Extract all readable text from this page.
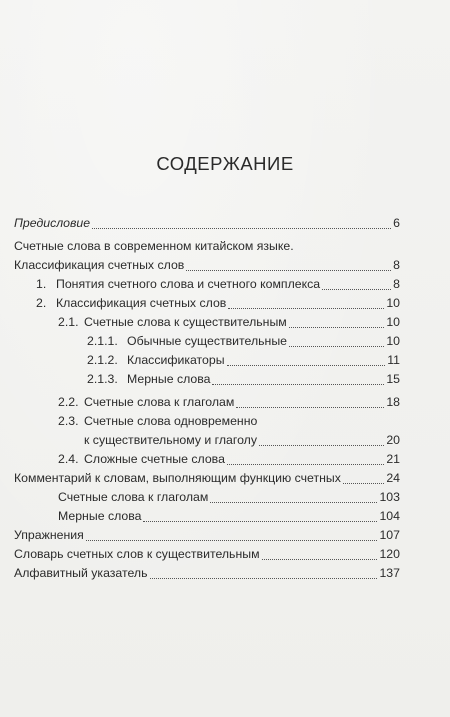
СОДЕРЖАНИЕ
Предисловие	6
Счетные слова в современном китайском языке.
Классификация счетных слов	8
1. Понятия счетного слова и счетного комплекса	8
2. Классификация счетных слов	10
2.1. Счетные слова к существительным	10
2.1.1. Обычные существительные	10
2.1.2. Классификаторы	11
2.1.3. Мерные слова	15
2.2. Счетные слова к глаголам	18
2.3. Счетные слова одновременно
к существительному и глаголу	20
2.4. Сложные счетные слова	21
Комментарий к словам, выполняющим функцию счетных	24
Счетные слова к глаголам	103
Мерные слова	104
Упражнения	107
Словарь счетных слов к существительным	120
Алфавитный указатель	137
